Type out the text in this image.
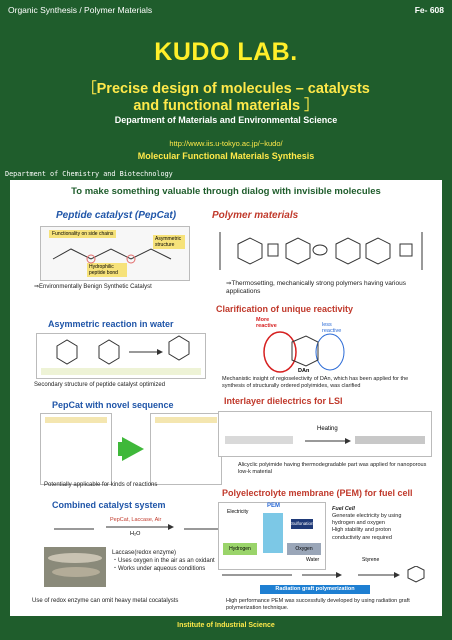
Organic Synthesis / Polymer Materials	Fe- 608
KUDO LAB.
［Precise design of molecules – catalysts
and functional materials ］
Department of Materials and Environmental Science
http://www.iis.u-tokyo.ac.jp/~kudo/
Molecular Functional Materials Synthesis
Department of Chemistry and Biotechnology
To make something valuable through dialog with invisible molecules
Peptide catalyst (PepCat)
Functionality on side chains
Asymmetric structure
Hydrophilic peptide bond
⇒Environmentally Benign Synthetic Catalyst
Asymmetric reaction in water
Secondary structure of peptide catalyst optimized
PepCat with novel sequence
Potentially applicable for kinds of reactions
Combined catalyst system
PepCat, Laccase, Air
H₂O
Laccase(redox enzyme)
・Uses oxygen in the air as an oxidant
・Works under aqueous conditions
Use of redox enzyme can omit heavy metal cocatalysts
Polymer materials
⇒Thermosetting, mechanically strong polymers having various applications
Clarification of unique reactivity
More reactive	less reactive
DAn
Mechanistic insight of regioselectivity of DAn, which has been applied for the synthesis of structurally ordered polyimides, was clarified
Interlayer dielectrics for LSI
Heating
Alicyclic polyimide having thermodegradable part was applied for nanoporous low-k material
Polyelectrolyte membrane (PEM) for fuel cell
Electricity
PEM
Sulfonation
Hydrogen	Oxygen
Fuel Cell
Generate electricity by using
hydrogen and oxygen
High stability and proton
conductivity are required
Water	Styrene
Radiation graft polymerization
High performance PEM was successfully developed by using radiation graft polymerization technique.
Institute of Industrial Science
